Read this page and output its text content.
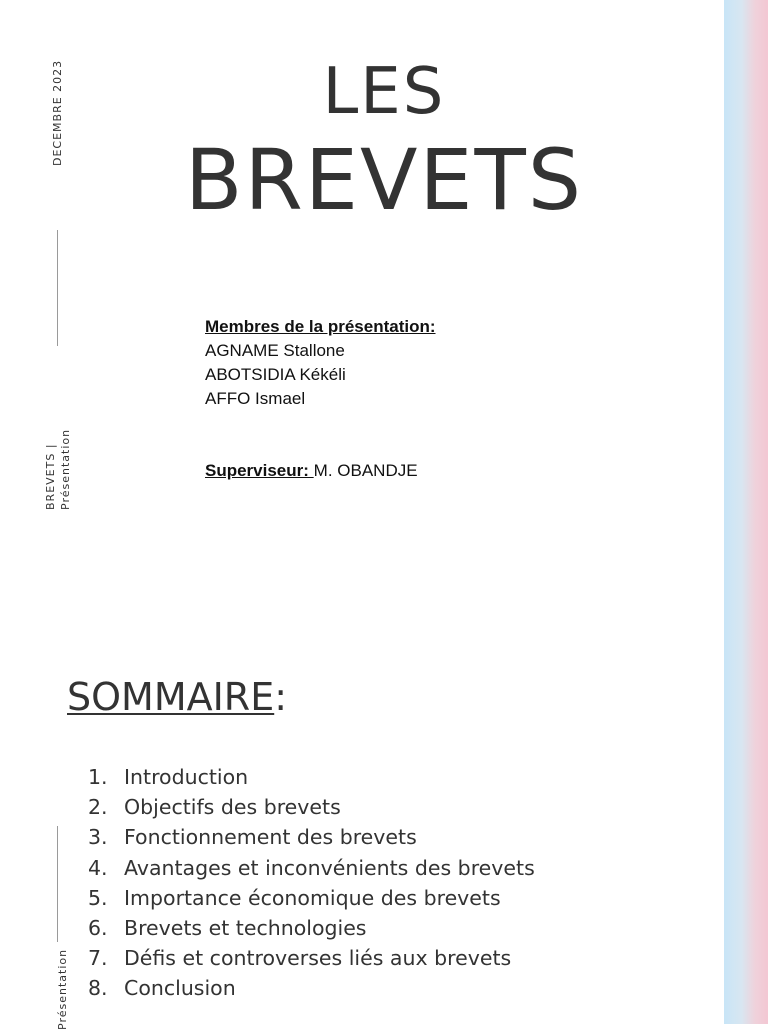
DECEMBRE 2023
BREVETS | Présentation
Présentation
LES
BREVETS
Membres de la présentation:
AGNAME Stallone
ABOTSIDIA Kékéli
AFFO Ismael
Superviseur: M. OBANDJE
SOMMAIRE:
1. Introduction
2. Objectifs des brevets
3. Fonctionnement des brevets
4. Avantages et inconvénients des brevets
5. Importance économique des brevets
6. Brevets et technologies
7. Défis et controverses liés aux brevets
8. Conclusion
